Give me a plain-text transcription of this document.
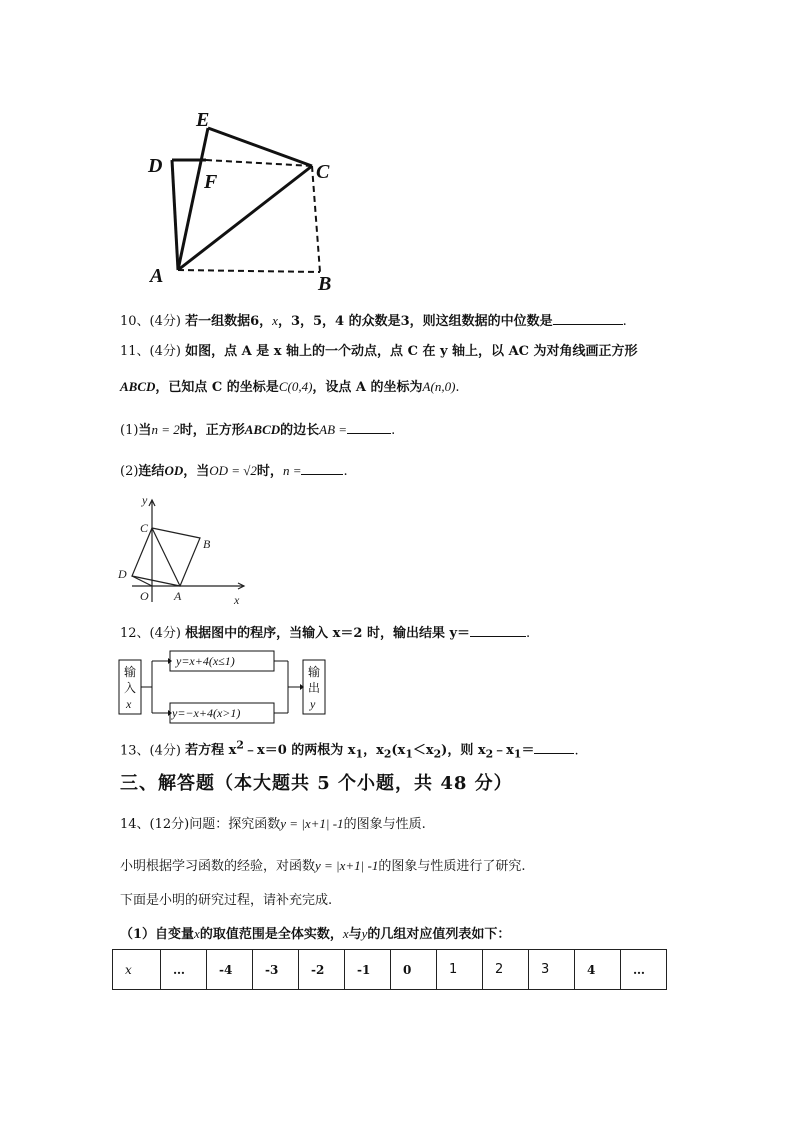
E
D
F	C
A	B
10、(4分) 若一组数据6，x，3，5，4 的众数是3，则这组数据的中位数是	.
11、(4分) 如图，点 A 是 x 轴上的一个动点，点 C 在 y 轴上，以 AC 为对角线画正方形
ABCD，已知点 C 的坐标是C(0,4)，设点 A 的坐标为A(n,0).
(1)当n = 2时，正方形ABCD的边长AB =	.
(2)连结OD，当OD = √2时，n =	.
y
x
C
B
D
O A
12、(4分) 根据图中的程序，当输入 x＝2 时，输出结果 y＝	.
输
入
x
y=x+4(x≤1)
y=−x+4(x>1)
输
出
y
13、(4分) 若方程 $x^2﹣x=0$ 的两根为 $x_1$，$x_2(x_1<x_2)$，则 $x_2﹣x_1=$	.
三、解答题（本大题共 5 个小题，共 48 分）
14、(12分)问题：探究函数y = |x+1| -1的图象与性质.
小明根据学习函数的经验，对函数y = |x+1| -1的图象与性质进行了研究.
下面是小明的研究过程，请补充完成.
（1）自变量x的取值范围是全体实数，x与y的几组对应值列表如下：
x	…	-4	-3	-2	-1	0	1	2	3	4	…
